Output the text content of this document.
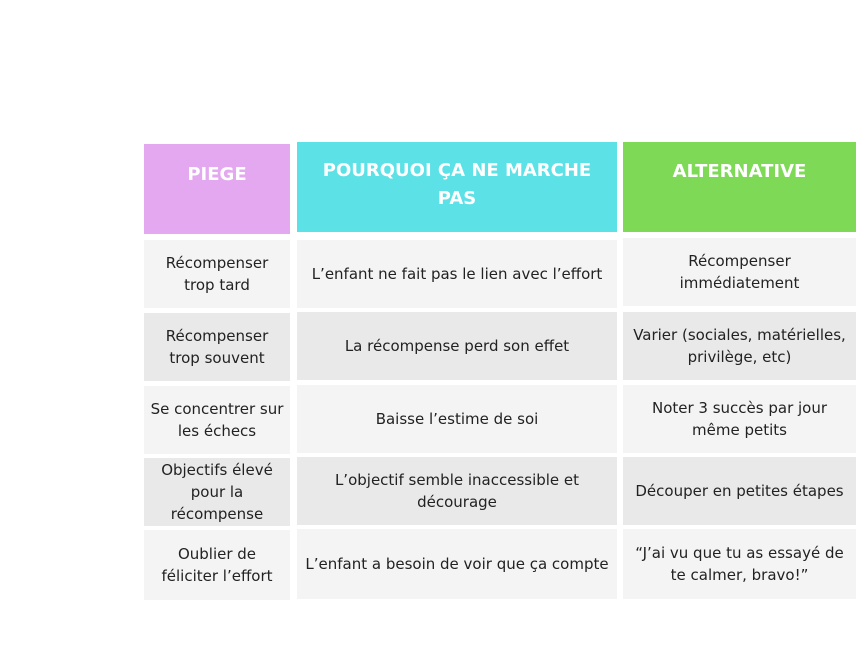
PIEGE	POURQUOI ÇA NE MARCHE PAS
ALTERNATIVE
Récompenser trop tard
L’enfant ne fait pas le lien avec l’effort
Récompenser immédiatement
Récompenser trop souvent
La récompense perd son effet
Varier (sociales, matérielles, privilège, etc)
Se concentrer sur les échecs
Baisse l’estime de soi
Noter 3 succès par jour même petits
Objectifs élevé pour la récompense
L’objectif semble inaccessible et décourage
Découper en petites étapes
Oublier de féliciter l’effort
L’enfant a besoin de voir que ça compte
“J’ai vu que tu as essayé de te calmer, bravo!”
